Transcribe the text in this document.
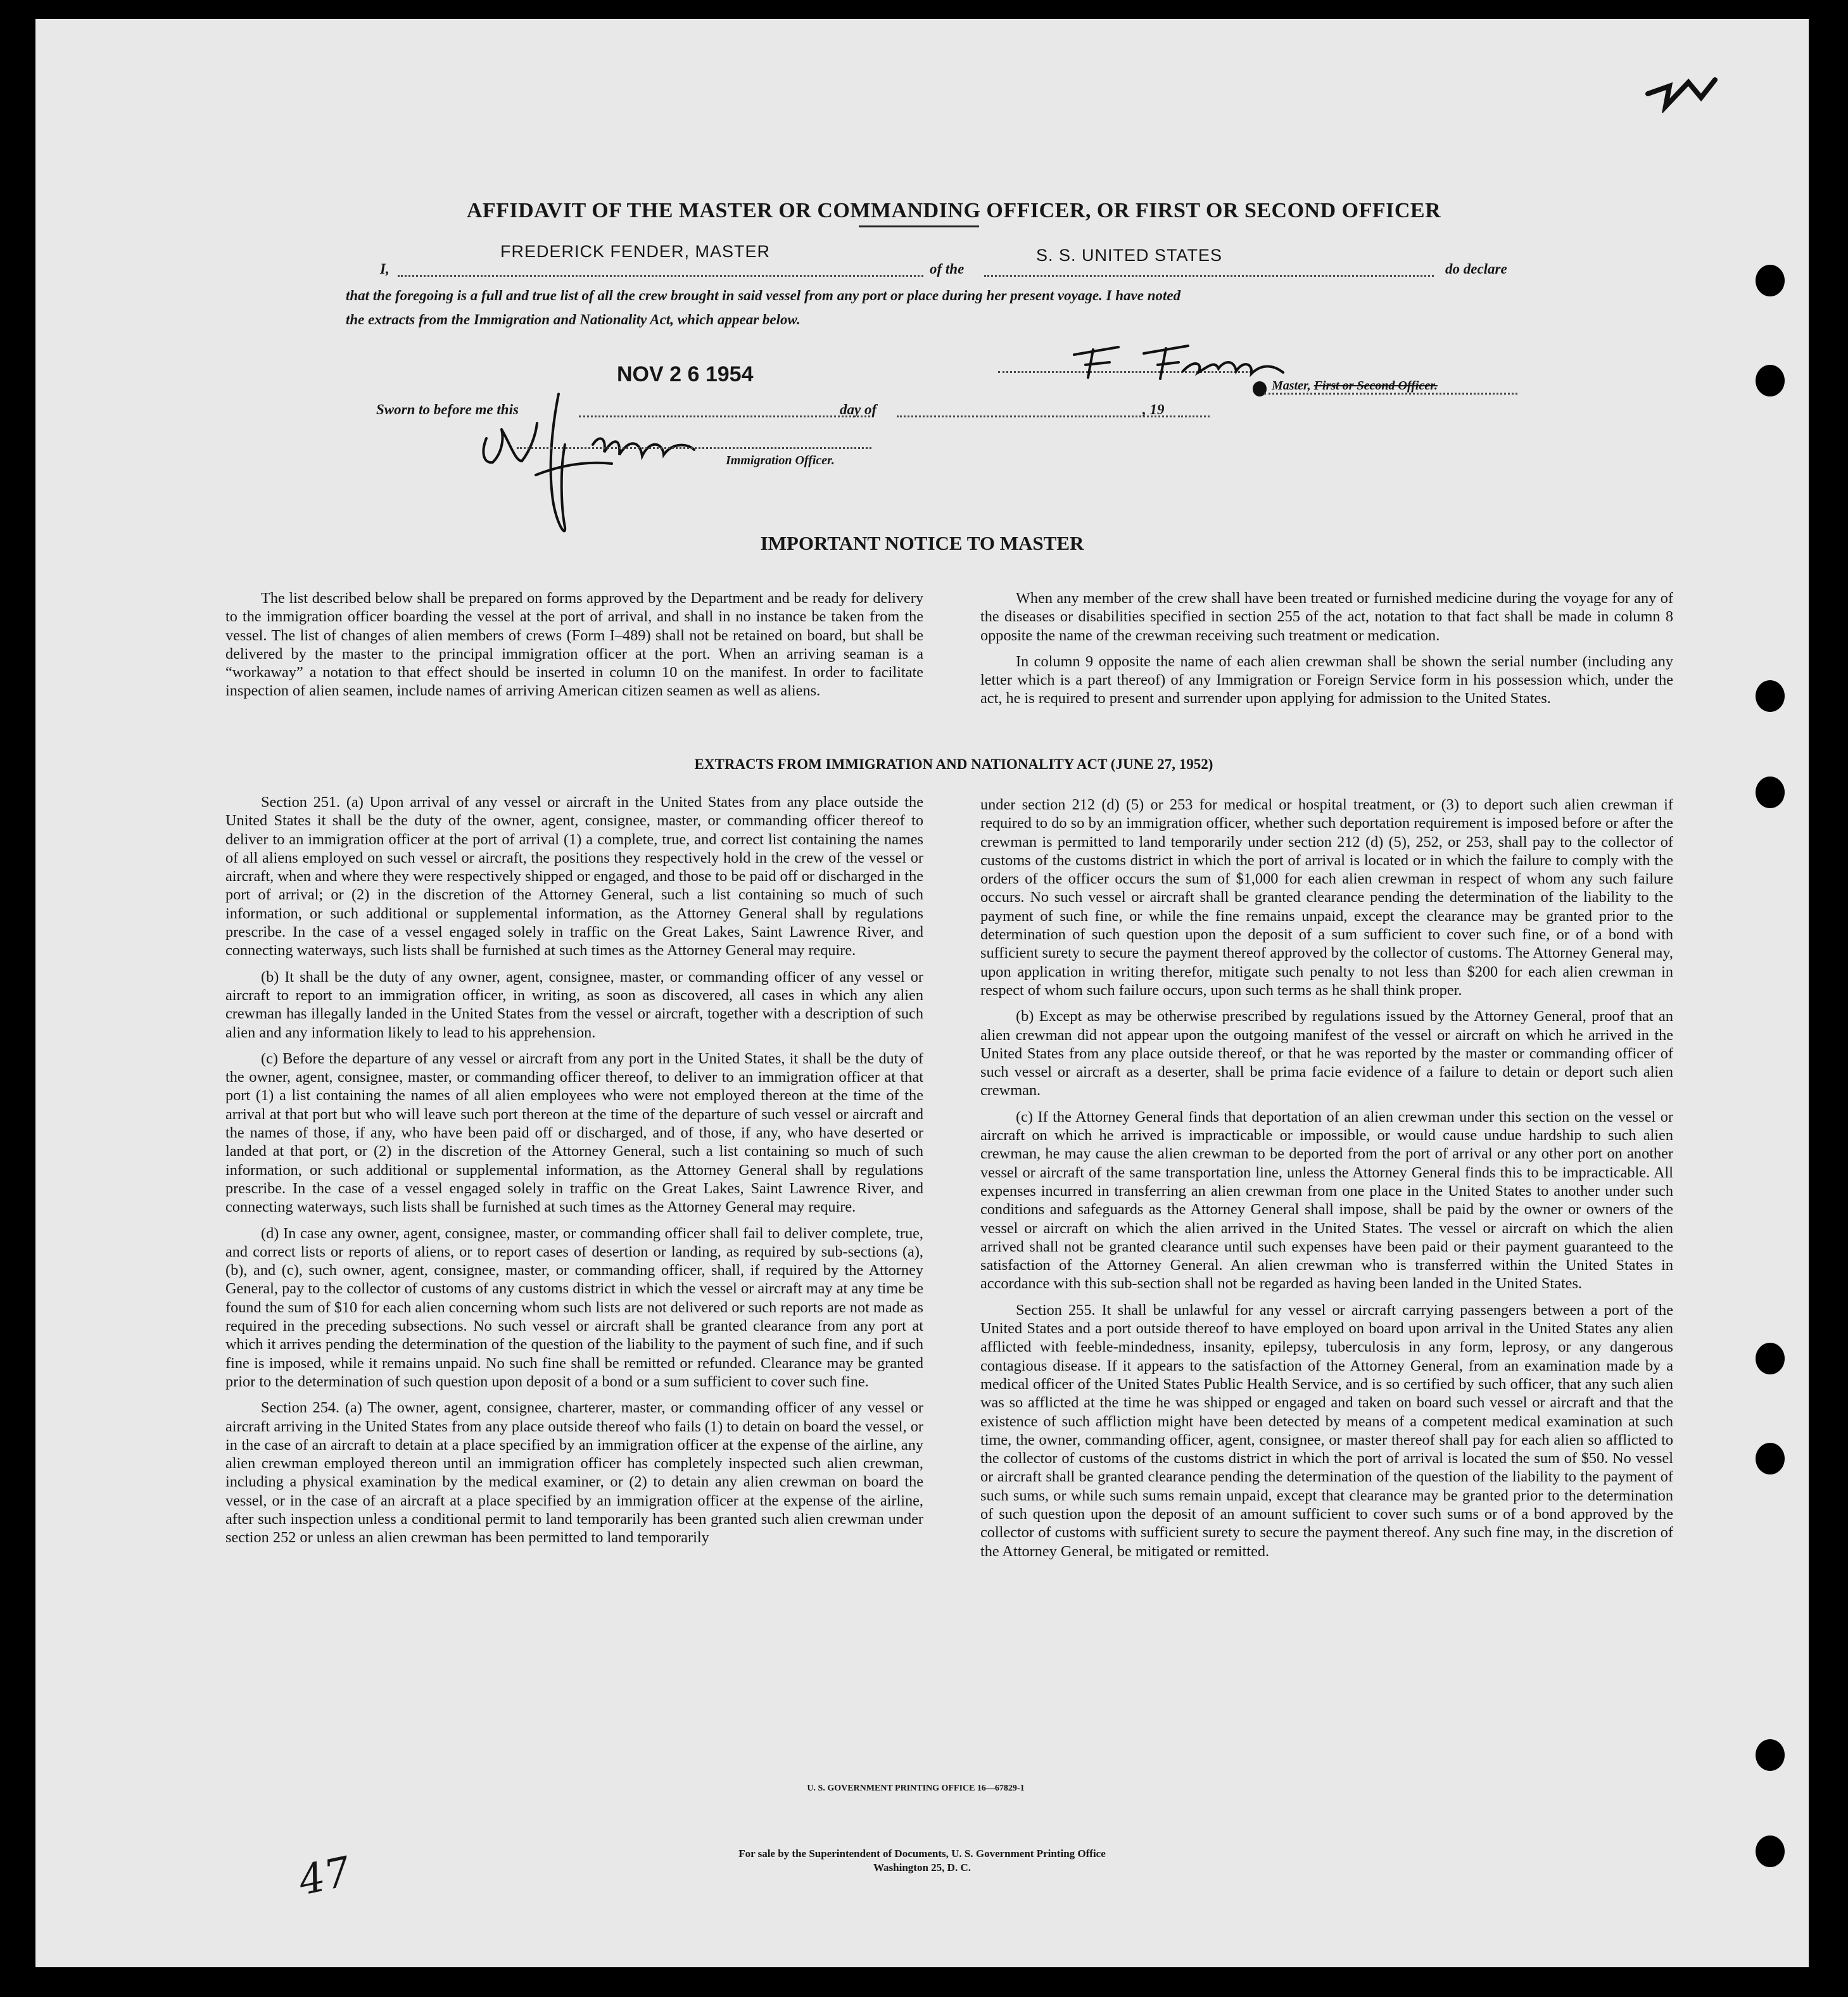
AFFIDAVIT OF THE MASTER OR COMMANDING OFFICER, OR FIRST OR SECOND OFFICER
I,
FREDERICK FENDER, MASTER
of the
S. S. UNITED STATES
do declare
that the foregoing is a full and true list of all the crew brought in said vessel from any port or place during her present voyage. I have noted
the extracts from the Immigration and Nationality Act, which appear below.
NOV 2 6 1954	Master, First or Second Officer.
Sworn to before me this	day of	, 19
Immigration Officer.
IMPORTANT NOTICE TO MASTER

The list described below shall be prepared on forms approved by the Department and be ready for delivery to the immigration officer boarding the vessel at the port of arrival, and shall in no instance be taken from the vessel. The list of changes of alien members of crews (Form I–489) shall not be retained on board, but shall be delivered by the master to the principal immigration officer at the port. When an arriving seaman is a “workaway” a notation to that effect should be inserted in column 10 on the manifest. In order to facilitate inspection of alien seamen, include names of arriving American citizen seamen as well as aliens.

When any member of the crew shall have been treated or furnished medicine during the voyage for any of the diseases or disabilities specified in section 255 of the act, notation to that fact shall be made in column 8 opposite the name of the crewman receiving such treatment or medication.

In column 9 opposite the name of each alien crewman shall be shown the serial number (including any letter which is a part thereof) of any Immigration or Foreign Service form in his possession which, under the act, he is required to present and surrender upon applying for admission to the United States.

EXTRACTS FROM IMMIGRATION AND NATIONALITY ACT (JUNE 27, 1952)

Section 251. (a) Upon arrival of any vessel or aircraft in the United States from any place outside the United States it shall be the duty of the owner, agent, consignee, master, or commanding officer thereof to deliver to an immigration officer at the port of arrival (1) a complete, true, and correct list containing the names of all aliens employed on such vessel or aircraft, the positions they respectively hold in the crew of the vessel or aircraft, when and where they were respectively shipped or engaged, and those to be paid off or discharged in the port of arrival; or (2) in the discretion of the Attorney General, such a list containing so much of such information, or such additional or supplemental information, as the Attorney General shall by regulations prescribe. In the case of a vessel engaged solely in traffic on the Great Lakes, Saint Lawrence River, and connecting waterways, such lists shall be furnished at such times as the Attorney General may require.

(b) It shall be the duty of any owner, agent, consignee, master, or commanding officer of any vessel or aircraft to report to an immigration officer, in writing, as soon as discovered, all cases in which any alien crewman has illegally landed in the United States from the vessel or aircraft, together with a description of such alien and any information likely to lead to his apprehension.

(c) Before the departure of any vessel or aircraft from any port in the United States, it shall be the duty of the owner, agent, consignee, master, or commanding officer thereof, to deliver to an immigration officer at that port (1) a list containing the names of all alien employees who were not employed thereon at the time of the arrival at that port but who will leave such port thereon at the time of the departure of such vessel or aircraft and the names of those, if any, who have been paid off or discharged, and of those, if any, who have deserted or landed at that port, or (2) in the discretion of the Attorney General, such a list containing so much of such information, or such additional or supplemental information, as the Attorney General shall by regulations prescribe. In the case of a vessel engaged solely in traffic on the Great Lakes, Saint Lawrence River, and connecting waterways, such lists shall be furnished at such times as the Attorney General may require.

(d) In case any owner, agent, consignee, master, or commanding officer shall fail to deliver complete, true, and correct lists or reports of aliens, or to report cases of desertion or landing, as required by sub-sections (a), (b), and (c), such owner, agent, consignee, master, or commanding officer, shall, if required by the Attorney General, pay to the collector of customs of any customs district in which the vessel or aircraft may at any time be found the sum of $10 for each alien concerning whom such lists are not delivered or such reports are not made as required in the preceding subsections. No such vessel or aircraft shall be granted clearance from any port at which it arrives pending the determination of the question of the liability to the payment of such fine, and if such fine is imposed, while it remains unpaid. No such fine shall be remitted or refunded. Clearance may be granted prior to the determination of such question upon deposit of a bond or a sum sufficient to cover such fine.

Section 254. (a) The owner, agent, consignee, charterer, master, or commanding officer of any vessel or aircraft arriving in the United States from any place outside thereof who fails (1) to detain on board the vessel, or in the case of an aircraft to detain at a place specified by an immigration officer at the expense of the airline, any alien crewman employed thereon until an immigration officer has completely inspected such alien crewman, including a physical examination by the medical examiner, or (2) to detain any alien crewman on board the vessel, or in the case of an aircraft at a place specified by an immigration officer at the expense of the airline, after such inspection unless a conditional permit to land temporarily has been granted such alien crewman under section 252 or unless an alien crewman has been permitted to land temporarily

under section 212 (d) (5) or 253 for medical or hospital treatment, or (3) to deport such alien crewman if required to do so by an immigration officer, whether such deportation requirement is imposed before or after the crewman is permitted to land temporarily under section 212 (d) (5), 252, or 253, shall pay to the collector of customs of the customs district in which the port of arrival is located or in which the failure to comply with the orders of the officer occurs the sum of $1,000 for each alien crewman in respect of whom any such failure occurs. No such vessel or aircraft shall be granted clearance pending the determination of the liability to the payment of such fine, or while the fine remains unpaid, except the clearance may be granted prior to the determination of such question upon the deposit of a sum sufficient to cover such fine, or of a bond with sufficient surety to secure the payment thereof approved by the collector of customs. The Attorney General may, upon application in writing therefor, mitigate such penalty to not less than $200 for each alien crewman in respect of whom such failure occurs, upon such terms as he shall think proper.

(b) Except as may be otherwise prescribed by regulations issued by the Attorney General, proof that an alien crewman did not appear upon the outgoing manifest of the vessel or aircraft on which he arrived in the United States from any place outside thereof, or that he was reported by the master or commanding officer of such vessel or aircraft as a deserter, shall be prima facie evidence of a failure to detain or deport such alien crewman.

(c) If the Attorney General finds that deportation of an alien crewman under this section on the vessel or aircraft on which he arrived is impracticable or impossible, or would cause undue hardship to such alien crewman, he may cause the alien crewman to be deported from the port of arrival or any other port on another vessel or aircraft of the same transportation line, unless the Attorney General finds this to be impracticable. All expenses incurred in transferring an alien crewman from one place in the United States to another under such conditions and safeguards as the Attorney General shall impose, shall be paid by the owner or owners of the vessel or aircraft on which the alien arrived in the United States. The vessel or aircraft on which the alien arrived shall not be granted clearance until such expenses have been paid or their payment guaranteed to the satisfaction of the Attorney General. An alien crewman who is transferred within the United States in accordance with this sub-section shall not be regarded as having been landed in the United States.

Section 255. It shall be unlawful for any vessel or aircraft carrying passengers between a port of the United States and a port outside thereof to have employed on board upon arrival in the United States any alien afflicted with feeble-mindedness, insanity, epilepsy, tuberculosis in any form, leprosy, or any dangerous contagious disease. If it appears to the satisfaction of the Attorney General, from an examination made by a medical officer of the United States Public Health Service, and is so certified by such officer, that any such alien was so afflicted at the time he was shipped or engaged and taken on board such vessel or aircraft and that the existence of such affliction might have been detected by means of a competent medical examination at such time, the owner, commanding officer, agent, consignee, or master thereof shall pay for each alien so afflicted to the collector of customs of the customs district in which the port of arrival is located the sum of $50. No vessel or aircraft shall be granted clearance pending the determination of the question of the liability to the payment of such sums, or while such sums remain unpaid, except that clearance may be granted prior to the determination of such question upon the deposit of an amount sufficient to cover such sums or of a bond approved by the collector of customs with sufficient surety to secure the payment thereof. Any such fine may, in the discretion of the Attorney General, be mitigated or remitted.

U. S. GOVERNMENT PRINTING OFFICE 16—67829-1
For sale by the Superintendent of Documents, U. S. Government Printing Office
Washington 25, D. C.
47
